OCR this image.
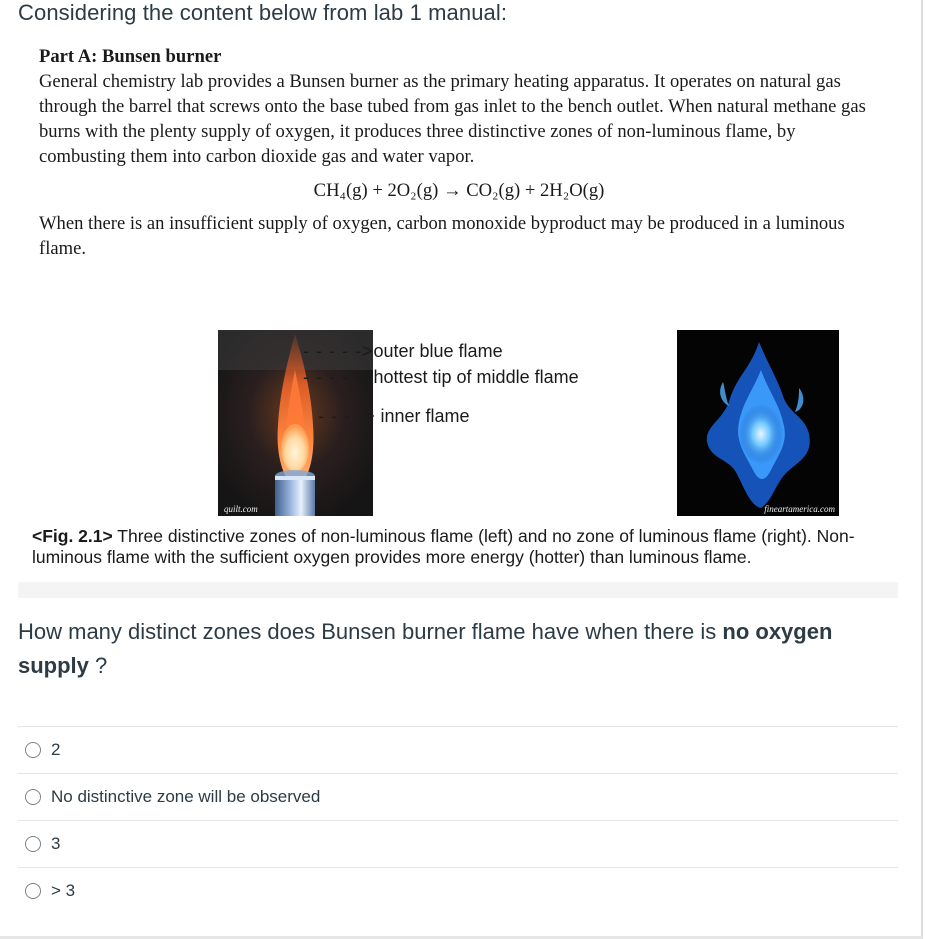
Considering the content below from lab 1 manual:

Part A: Bunsen burner

General chemistry lab provides a Bunsen burner as the primary heating apparatus. It operates on natural gas through the barrel that screws onto the base tubed from gas inlet to the bench outlet. When natural methane gas burns with the plenty supply of oxygen, it produces three distinctive zones of non-luminous flame, by combusting them into carbon dioxide gas and water vapor.

CH₄(g) + 2O₂(g) → CO₂(g) + 2H₂O(g)

When there is an insufficient supply of oxygen, carbon monoxide byproduct may be produced in a luminous flame.

quilt.com
- - - - ->outer blue flame
- - - - ->hottest tip of middle flame
- - - -> inner flame
fineartamerica.com
<Fig. 2.1> Three distinctive zones of non-luminous flame (left) and no zone of luminous flame (right). Non-luminous flame with the sufficient oxygen provides more energy (hotter) than luminous flame.
How many distinct zones does Bunsen burner flame have when there is no oxygen supply ?
2
No distinctive zone will be observed
3
> 3
